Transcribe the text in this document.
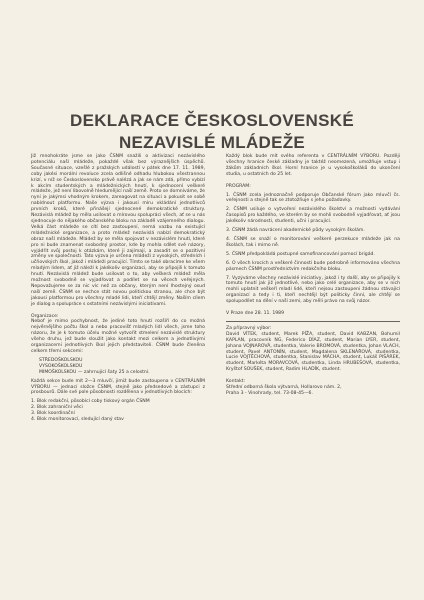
DEKLARACE ČESKOSLOVENSKÉ
NEZAVISLÉ MLÁDEŽE

Již mnohokráte jsme se jako ČSNM snažili o aktivizaci nezávislého potenciálu naší mládeže, pokaždé však bez výraznějších úspěchů. Současné situace, vzešlé z pražských událostí v pátek dne 17. 11. 1989, coby jakési morální revoluce zcela odlišné odhadu hlubokou všestrannou krizí, v níž se Československo právě nalézá a jak se nám zdá, přímo vybízí k akcím studentských a mládežnických hnutí, k sjednocení veškeré mládeže, jež není libovolně hledumějící naší země. Proto se domníváme, že nyní je jakýmsi vhodným krokem, zareagovat na situaci a pokusit se sobě nabídnout platformu. Naše výzva i jakousi míru vkládání jednotlivců prvních kroků, které přinášejí sjednocené demokratické struktury. Nezávislá mládež by měla usilovat o mírovou spolupráci všech, ať se u nás sjednocuje do nějakého občanského bloku na základě vzájemného dialogu. Velká část mládeže se cítí bez zastoupení, nemá vazbu na existující mládežnické organizace, a proto mládež nezávislá nabízí demokratický obraz naší mládeže. Mládež by se měla spojovat v nezávislém hnutí, které pro ni bude znamenat svobodný prostor, kde by mohla sdílet své názory, vyjádřit svůj postoj k otázkám, které ji zajímají, a zasadit se o pozitivní změny ve společnosti. Tato výzva je určena mládeži z vysokých, středních i učňovských škol, jakož i mládeži pracující. Tímto se také obracíme ke všem mladým lidem, ať již náleží k jakékoliv organizaci, aby se připojili k tomuto hnutí. Nezávislá mládež bude usilovat o to, aby veškerá mládež měla možnost svobodně se vyjadřovat a podílet se na věcech veřejných. Nepovažujeme se za nic víc než za občany, kterým není lhostejný osud naší země. ČSNM se nechce stát novou politickou stranou, ale chce být jakousi platformou pro všechny mladé lidi, kteří chtějí změny. Naším cílem je dialog a spolupráce s ostatními nezávislými iniciativami.

Organizace:

Nebof je mimo pochybnost, že jediné toto hnutí rozšíří do co možná nejvěrnějšího počtu škol a nebo pracovišť mladých lidí všech, jsme toho názoru, že je k tomuto účelu možné vytvořit stmelení nezávislé struktury všeho druhu, jež bude sloužit jako kontakt mezi celkem a jednotlivými organizacemi jednotlivých škol jejich představiteli. ČSNM bude členěna celkem třemi sekcemi:

STŘEDOŠKOLSKOU

VYSOKOŠKOLSKOU

MIMOŠKOLSKOU — zahrnující šaty 25 a celostní.

Každá sekce bude mít 2—3 mluvčí, jimiž bude zastoupena v CENTRÁLNÍM VÝBORU — jednací složce ČSNM, stejně jako předsedové a zástupci z prosbourů. Dále své pole působnosti rozdělena v jednotlivých blocích:

1. Blok redakční, působící coby tiskový orgán ČSNM

2. Blok zahraniční věci

3. Blok koordinační

4. Blok monitorovací, sledující daný stav

Každý blok bude mít svého referenta v CENTRÁLNÍM VÝBORU. Později všechny hranice české základny je taktéž neomezená, umožňuje vstup i žákům základních škol. Horní hranice je u vysokoškoláků do ukončení studia, u ostatních do 25 let.

PROGRAM:

1. ČSNM zcela jednoznačně podporuje Občanské fórum jako mluvčí čs. veřejnosti a stejně tak se ztotožňuje s jeho požadavky.

2. ČSNM usiluje o vytvoření nezávislého školství a možnosti vydávání časopisů pro každého, ve kterém by se mohli svobodně vyjadřovat, ať jsou jakékoliv národnosti, studenti, učni i pracující.

3. ČSNM žádá navrácení akademické půdy vysokým školám.

4. ČSNM se snaží o monitorování veškeré perzekuce mládeže jak na školách, tak i mimo ně.

5. ČSNM předpokládá postupné samofinancování pomocí brigád.

6. O všech krocích a veškeré činnosti bude podrobně informováno všechna pásmech ČSNM prostřednictvím redakčního bloku.

7. Vyzýváme všechny nezávislé iniciativy, jakož i ty další, aby se připojily k tomuto hnutí jak již jednotlivé, nebo jako celé organizace, aby se v nich mohli uplatnit veškeří mladí lidé, kteří nejsou zastoupeni žádnou stávající organizací a tedy i ti, kteří nechtějí být politicky činní, ale chtějí se spolupodílet na dění v naší zemi, aby měli právo na svůj názor.

V Praze dne 28. 11. 1989

Za přípravný výbor:

David VÍTEK, student, Marek PÍŽA, student, David KABZAN, Bohumil KAPLAN, pracovník NG, Federico DÍAZ, student, Marian LYER, student, Johana VOJNAROVÁ, studentka, Valerie BROMOVÁ, studentka, Johan VLACH, student, Pavel ANTONÍN, student, Magdalena SKLENÁŘOVÁ, studentka, Lucie VOJTĚCHOVÁ, studentka, Stanislav MÁCHA, student, Lukáš PIŠÁREK, student, Markéta MORAVCOVÁ, studentka, Linda HRUBEŠOVÁ, studentka, Kryštof SOUŠEK, student, Radim HLADÍK, student.

Kontakt:

Střední odborná škola výtvarná, Hollarovo nám. 2,

Praha 3 - Vinohrady, tel. 73-08-45—6.
